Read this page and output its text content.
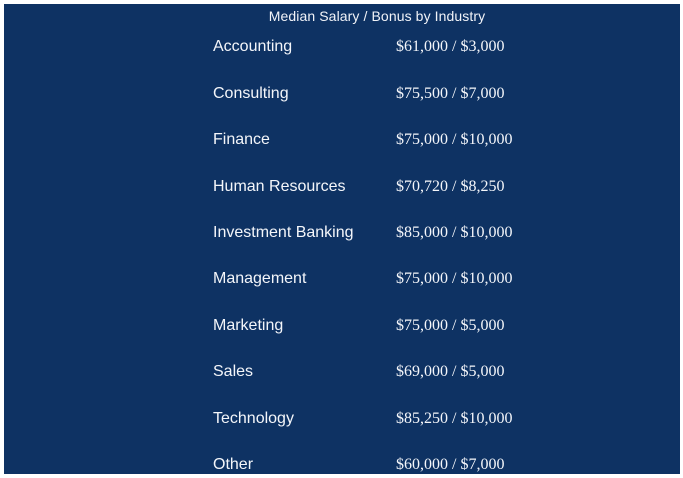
Median Salary / Bonus by Industry
Accounting	$61,000 / $3,000
Consulting	$75,500 / $7,000
Finance	$75,000 / $10,000
Human Resources	$70,720 / $8,250
Investment Banking	$85,000 / $10,000
Management	$75,000 / $10,000
Marketing	$75,000 / $5,000
Sales	$69,000 / $5,000
Technology	$85,250 / $10,000
Other	$60,000 / $7,000
